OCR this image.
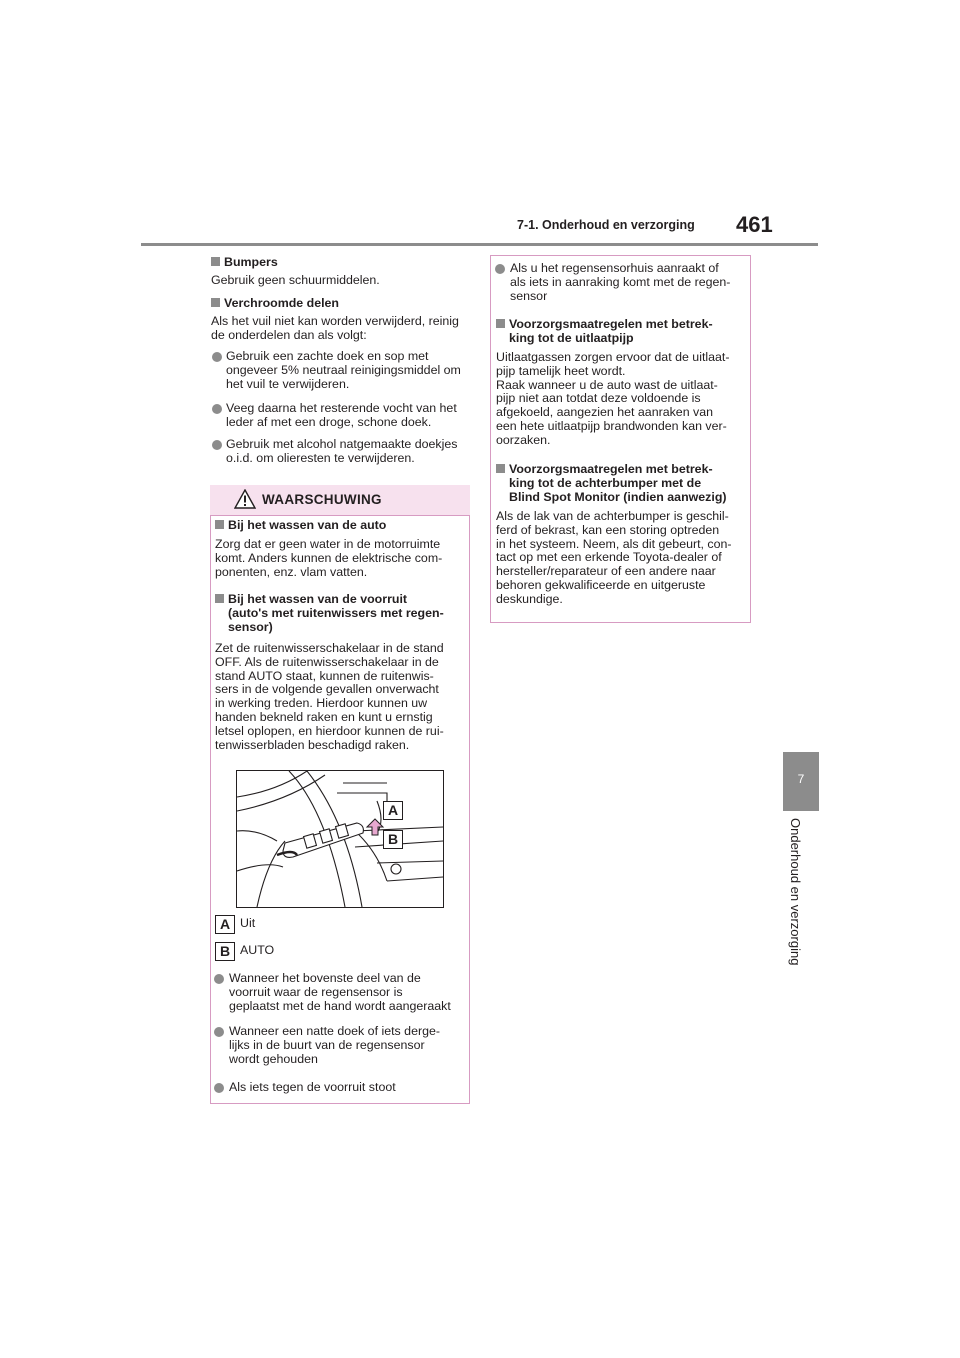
7-1. Onderhoud en verzorging 461
7
Onderhoud en verzorging
Bumpers
Gebruik geen schuurmiddelen.
Verchroomde delen
Als het vuil niet kan worden verwijderd, reinig
de onderdelen dan als volgt:
Gebruik een zachte doek en sop met
ongeveer 5% neutraal reinigingsmiddel om
het vuil te verwijderen.
Veeg daarna het resterende vocht van het
leder af met een droge, schone doek.
Gebruik met alcohol natgemaakte doekjes
o.i.d. om olieresten te verwijderen.
WAARSCHUWING
Bij het wassen van de auto
Zorg dat er geen water in de motorruimte
komt. Anders kunnen de elektrische com-
ponenten, enz. vlam vatten.
Bij het wassen van de voorruit
(auto's met ruitenwissers met regen-
sensor)
Zet de ruitenwisserschakelaar in de stand
OFF. Als de ruitenwisserschakelaar in de
stand AUTO staat, kunnen de ruitenwis-
sers in de volgende gevallen onverwacht
in werking treden. Hierdoor kunnen uw
handen bekneld raken en kunt u ernstig
letsel oplopen, en hierdoor kunnen de rui-
tenwisserbladen beschadigd raken.
A
B
A Uit
B AUTO
Wanneer het bovenste deel van de
voorruit waar de regensensor is
geplaatst met de hand wordt aangeraakt
Wanneer een natte doek of iets derge-
lijks in de buurt van de regensensor
wordt gehouden
Als iets tegen de voorruit stoot
Als u het regensensorhuis aanraakt of
als iets in aanraking komt met de regen-
sensor
Voorzorgsmaatregelen met betrek-
king tot de uitlaatpijp
Uitlaatgassen zorgen ervoor dat de uitlaat-
pijp tamelijk heet wordt.
Raak wanneer u de auto wast de uitlaat-
pijp niet aan totdat deze voldoende is
afgekoeld, aangezien het aanraken van
een hete uitlaatpijp brandwonden kan ver-
oorzaken.
Voorzorgsmaatregelen met betrek-
king tot de achterbumper met de
Blind Spot Monitor (indien aanwezig)
Als de lak van de achterbumper is geschil-
ferd of bekrast, kan een storing optreden
in het systeem. Neem, als dit gebeurt, con-
tact op met een erkende Toyota-dealer of
hersteller/reparateur of een andere naar
behoren gekwalificeerde en uitgeruste
deskundige.
